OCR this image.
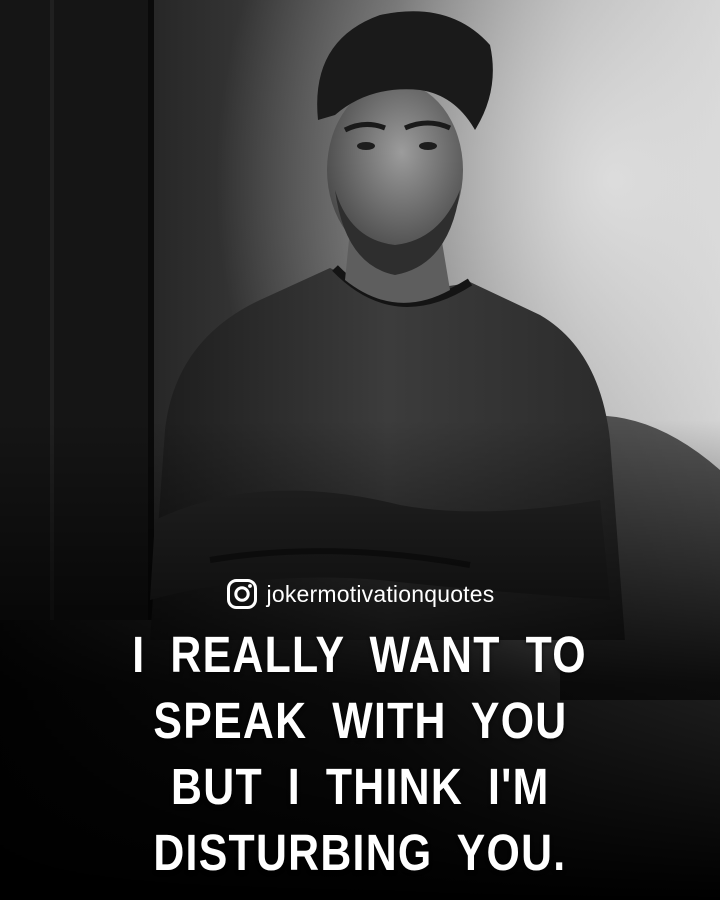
jokermotivationquotes
I REALLY WANT TO
SPEAK WITH YOU
BUT I THINK I'M
DISTURBING YOU.
